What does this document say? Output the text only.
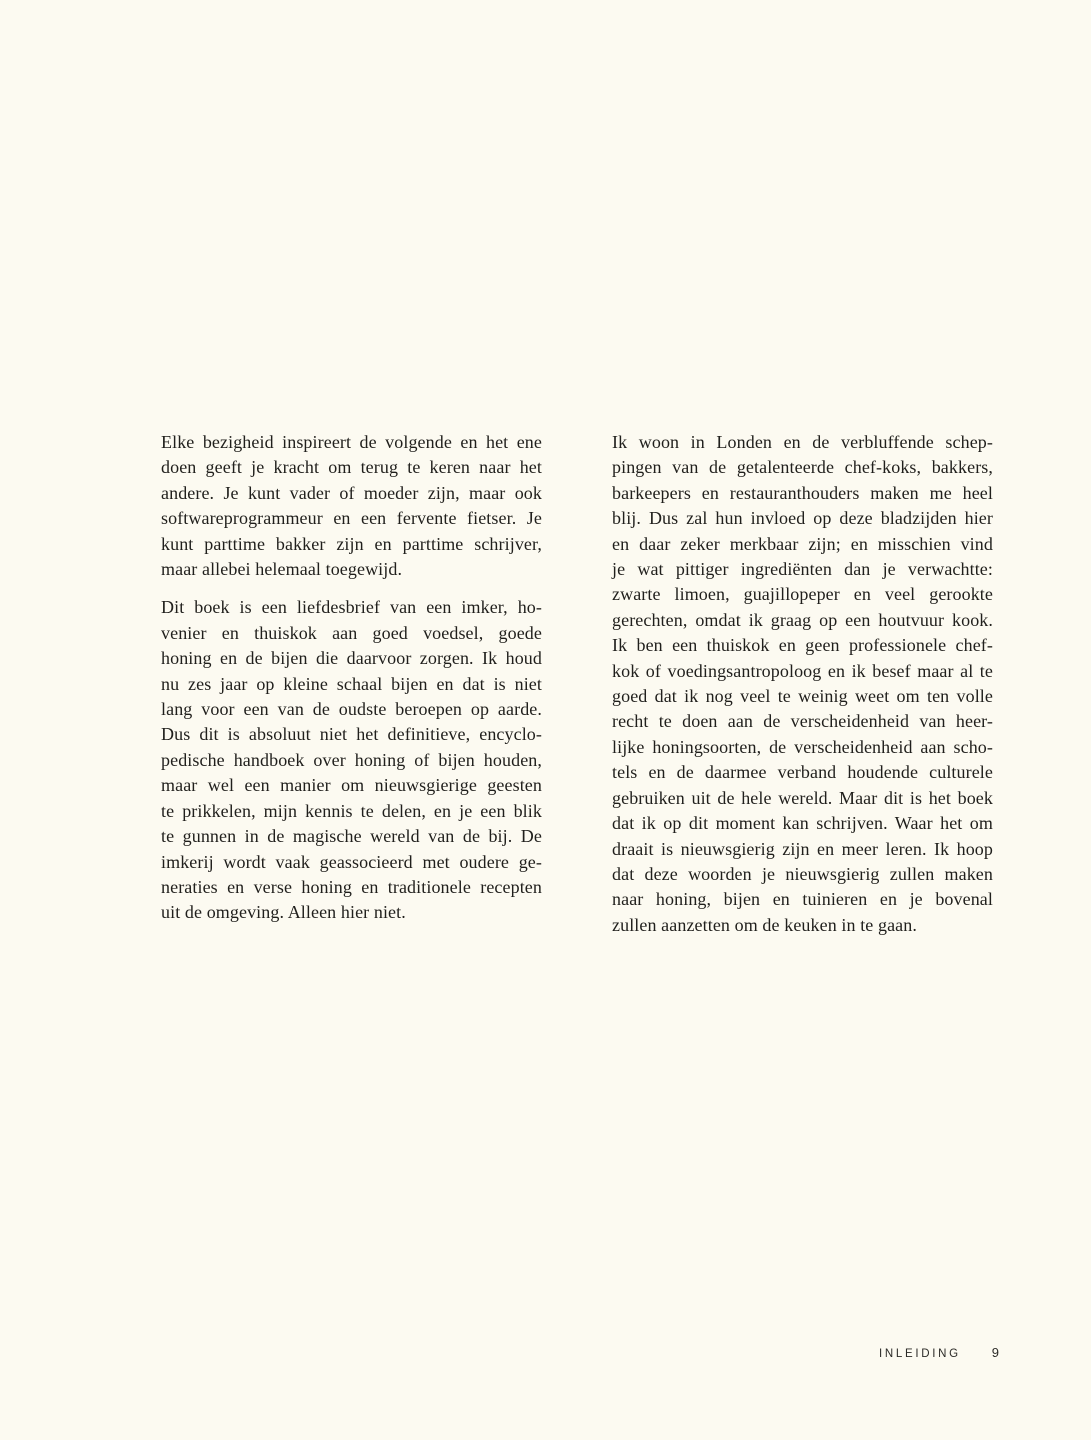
Elke bezigheid inspireert de volgende en het ene
doen geeft je kracht om terug te keren naar het
andere. Je kunt vader of moeder zijn, maar ook
softwareprogrammeur en een fervente fietser. Je
kunt parttime bakker zijn en parttime schrijver,
maar allebei helemaal toegewijd.
Dit boek is een liefdesbrief van een imker, ho-
venier en thuiskok aan goed voedsel, goede
honing en de bijen die daarvoor zorgen. Ik houd
nu zes jaar op kleine schaal bijen en dat is niet
lang voor een van de oudste beroepen op aarde.
Dus dit is absoluut niet het definitieve, encyclo-
pedische handboek over honing of bijen houden,
maar wel een manier om nieuwsgierige geesten
te prikkelen, mijn kennis te delen, en je een blik
te gunnen in de magische wereld van de bij. De
imkerij wordt vaak geassocieerd met oudere ge-
neraties en verse honing en traditionele recepten
uit de omgeving. Alleen hier niet.
Ik woon in Londen en de verbluffende schep-
pingen van de getalenteerde chef-koks, bakkers,
barkeepers en restauranthouders maken me heel
blij. Dus zal hun invloed op deze bladzijden hier
en daar zeker merkbaar zijn; en misschien vind
je wat pittiger ingrediënten dan je verwachtte:
zwarte limoen, guajillopeper en veel gerookte
gerechten, omdat ik graag op een houtvuur kook.
Ik ben een thuiskok en geen professionele chef-
kok of voedingsantropoloog en ik besef maar al te
goed dat ik nog veel te weinig weet om ten volle
recht te doen aan de verscheidenheid van heer-
lijke honingsoorten, de verscheidenheid aan scho-
tels en de daarmee verband houdende culturele
gebruiken uit de hele wereld. Maar dit is het boek
dat ik op dit moment kan schrijven. Waar het om
draait is nieuwsgierig zijn en meer leren. Ik hoop
dat deze woorden je nieuwsgierig zullen maken
naar honing, bijen en tuinieren en je bovenal
zullen aanzetten om de keuken in te gaan.
INLEIDING 9
